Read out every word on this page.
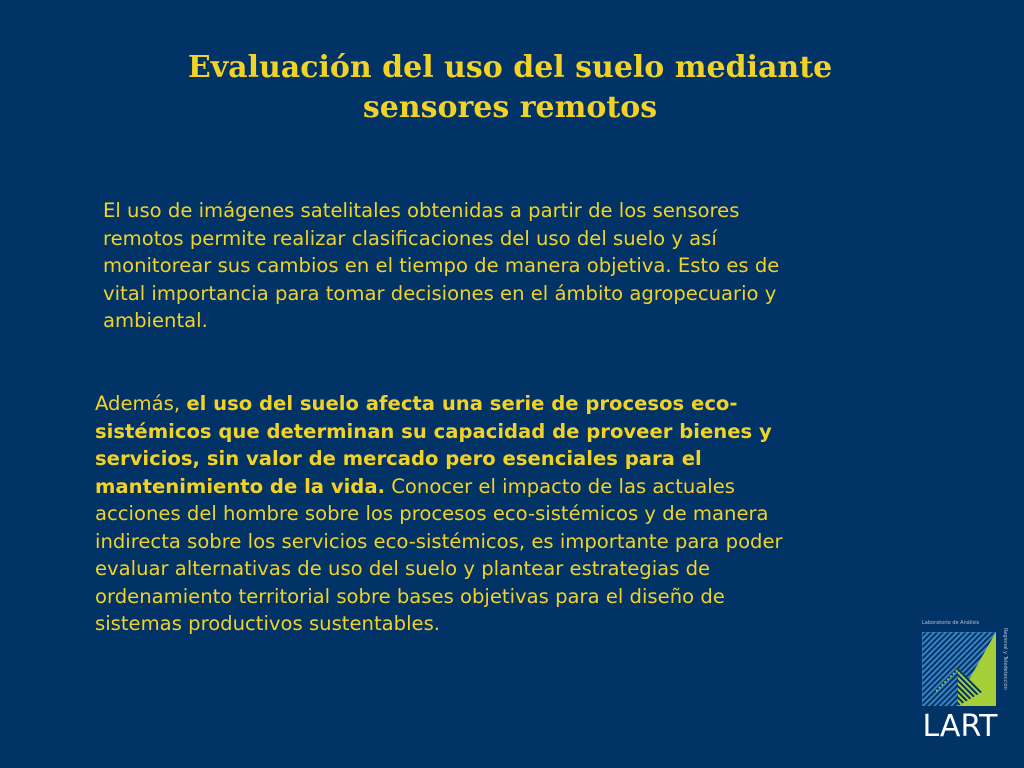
Evaluación del uso del suelo mediante
sensores remotos
El uso de imágenes satelitales obtenidas a partir de los sensores
remotos permite realizar clasificaciones del uso del suelo y así
monitorear sus cambios en el tiempo de manera objetiva. Esto es de
vital importancia para tomar decisiones en el ámbito agropecuario y
ambiental.
Además, el uso del suelo afecta una serie de procesos eco-
sistémicos que determinan su capacidad de proveer bienes y
servicios, sin valor de mercado pero esenciales para el
mantenimiento de la vida. Conocer el impacto de las actuales
acciones del hombre sobre los procesos eco-sistémicos y de manera
indirecta sobre los servicios eco-sistémicos, es importante para poder
evaluar alternativas de uso del suelo y plantear estrategias de
ordenamiento territorial sobre bases objetivas para el diseño de
sistemas productivos sustentables.	Laboratorio de Análisis
Regional y Teledetección
LART
